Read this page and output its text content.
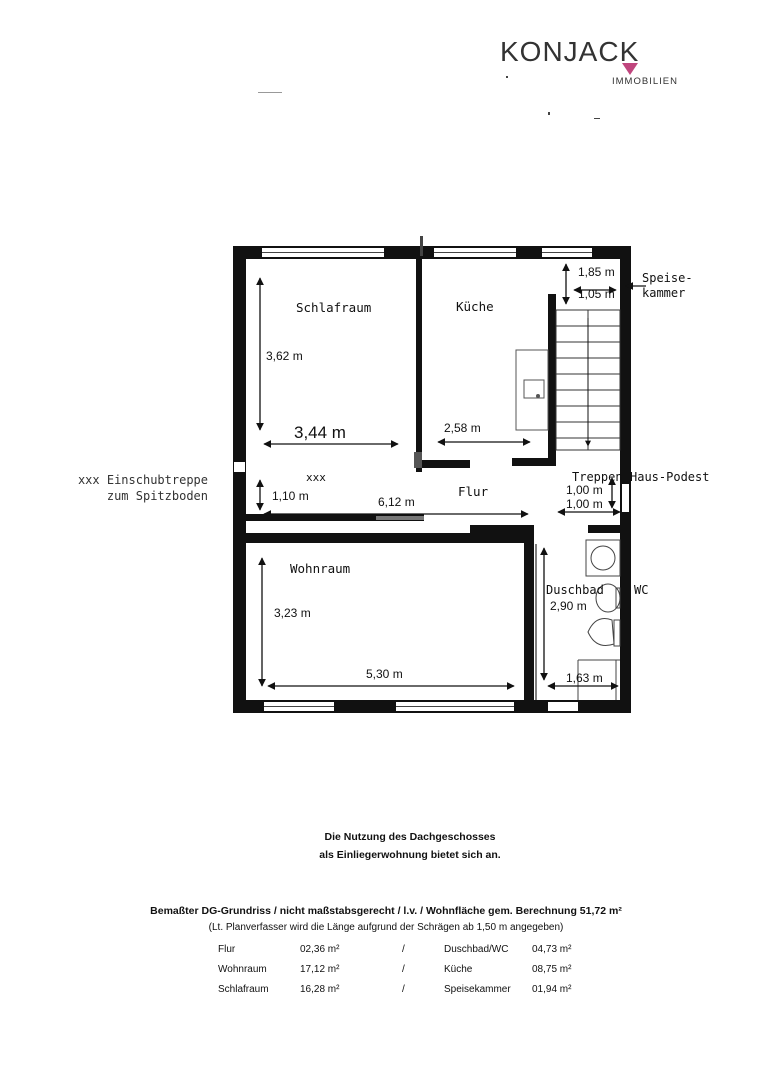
KONJACK
IMMOBILIEN
Schlafraum	Küche
Flur
Wohnraum
Duschbad	WC
Treppen Haus-Podest
Speise-
kammer
xxx
3,62 m
3,44 m	2,58 m
1,85 m
1,05 m
1,10 m	6,12 m
1,00 m
1,00 m
3,23 m
5,30 m
2,90 m
1,63 m
xxx Einschubtreppe
zum Spitzboden
Die Nutzung des Dachgeschosses
als Einliegerwohnung bietet sich an.
Bemaßter DG-Grundriss / nicht maßstabsgerecht / l.v. / Wohnfläche gem. Berechnung 51,72 m²
(Lt. Planverfasser wird die Länge aufgrund der Schrägen ab 1,50 m angegeben)
Flur	02,36 m²	/	Duschbad/WC	04,73 m²
Wohnraum	17,12 m²	/	Küche	08,75 m²
Schlafraum	16,28 m²	/	Speisekammer	01,94 m²
